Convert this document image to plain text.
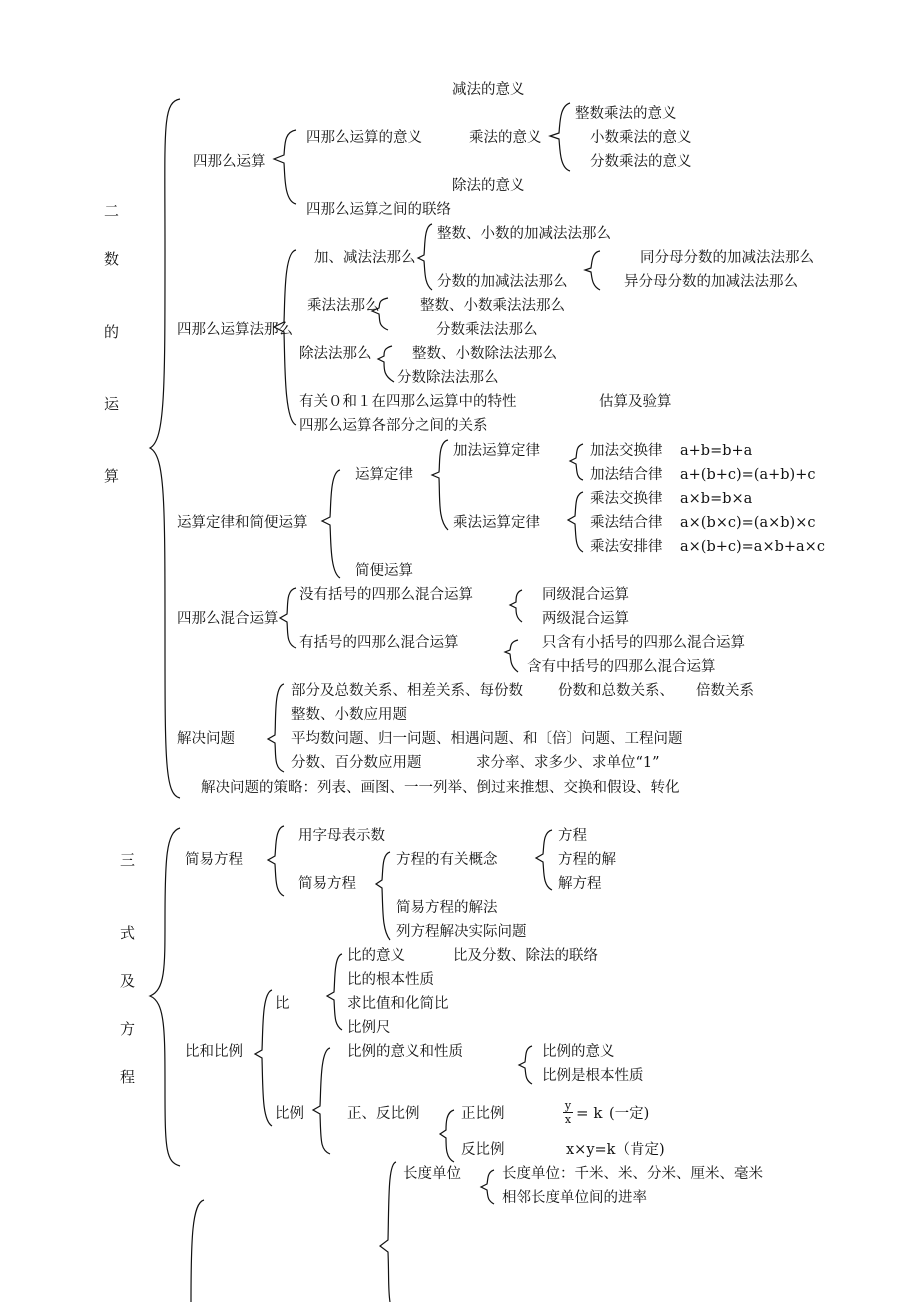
二
数
的
运
算
减法的意义
整数乘法的意义
四那么运算的意义	乘法的意义	小数乘法的意义
四那么运算	分数乘法的意义
除法的意义
四那么运算之间的联络
整数、小数的加减法法那么
加、减法法那么	同分母分数的加减法法那么
分数的加减法法那么	异分母分数的加减法法那么
乘法法那么	整数、小数乘法法那么
四那么运算法那么	分数乘法法那么
除法法那么	整数、小数除法法那么
分数除法法那么
有关０和１在四那么运算中的特性	估算及验算
四那么运算各部分之间的关系
加法运算定律	加法交换律 a+b=b+a
运算定律	加法结合律 a+(b+c)=(a+b)+c
乘法交换律 a×b=b×a
运算定律和简便运算	乘法运算定律	乘法结合律 a×(b×c)=(a×b)×c
乘法安排律 a×(b+c)=a×b+a×c
简便运算
没有括号的四那么混合运算	同级混合运算
四那么混合运算	两级混合运算
有括号的四那么混合运算	只含有小括号的四那么混合运算
含有中括号的四那么混合运算
部分及总数关系、相差关系、每份数 份数和总数关系、 倍数关系
整数、小数应用题
解决问题	平均数问题、归一问题、相遇问题、和〔倍〕问题、工程问题
分数、百分数应用题	求分率、求多少、求单位“1”
解决问题的策略：列表、画图、一一列举、倒过来推想、交换和假设、转化
三
式
及
方
程
用字母表示数	方程
简易方程	方程的有关概念	方程的解
简易方程	解方程
简易方程的解法
列方程解决实际问题
比的意义	比及分数、除法的联络
比的根本性质
求比值和化简比
比
比例尺
比和比例	比例的意义和性质	比例的意义
比例是根本性质
比例	正、反比例	正比例
y
x = k (一定)
反比例	x×y=k（肯定)
长度单位	长度单位：千米、米、分米、厘米、毫米
相邻长度单位间的进率
